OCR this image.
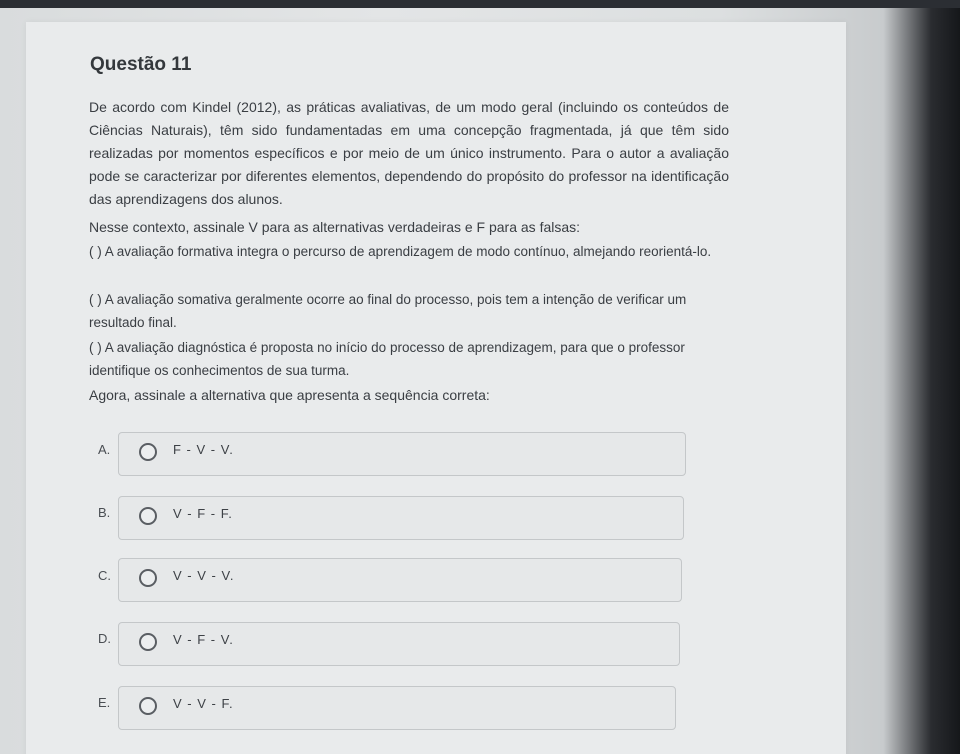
Questão 11

De acordo com Kindel (2012), as práticas avaliativas, de um modo geral (incluindo os conteúdos de Ciências Naturais), têm sido fundamentadas em uma concepção fragmentada, já que têm sido realizadas por momentos específicos e por meio de um único instrumento. Para o autor a avaliação pode se caracterizar por diferentes elementos, dependendo do propósito do professor na identificação das aprendizagens dos alunos.

Nesse contexto, assinale V para as alternativas verdadeiras e F para as falsas:

( ) A avaliação formativa integra o percurso de aprendizagem de modo contínuo, almejando reorientá-lo.

( ) A avaliação somativa geralmente ocorre ao final do processo, pois tem a intenção de verificar um resultado final.

( ) A avaliação diagnóstica é proposta no início do processo de aprendizagem, para que o professor identifique os conhecimentos de sua turma.

Agora, assinale a alternativa que apresenta a sequência correta:

A.	F - V - V.
B.	V - F - F.
C.	V - V - V.
D.	V - F - V.
E.	V - V - F.
